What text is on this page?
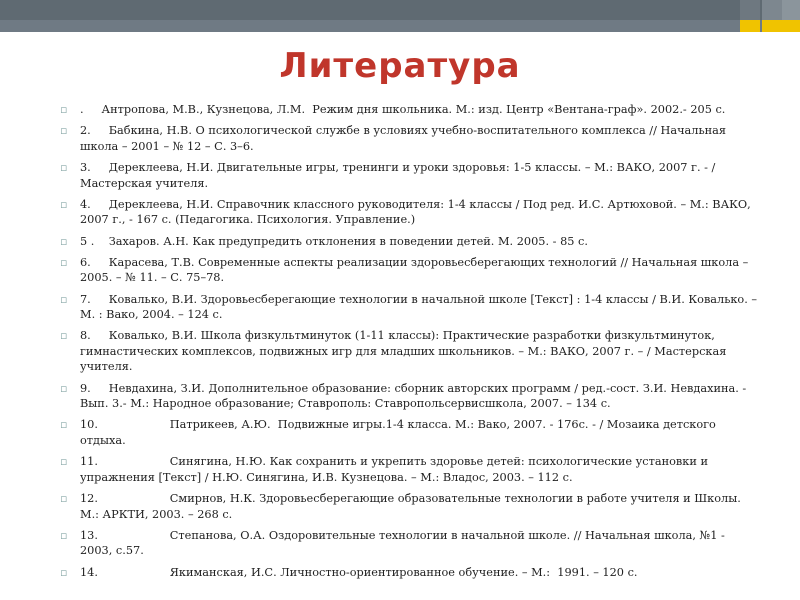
Литература
▫ .     Антропова, М.В., Кузнецова, Л.М.  Режим дня школьника. М.: изд. Центр «Вентана-граф». 2002.- 205 с.
▫ 2.     Бабкина, Н.В. О психологической службе в условиях учебно-воспитательного комплекса // Начальная школа – 2001 – № 12 – С. 3–6.
▫ 3.     Дереклеева, Н.И. Двигательные игры, тренинги и уроки здоровья: 1-5 классы. – М.: ВАКО, 2007 г. - / Мастерская учителя.
▫ 4.     Дереклеева, Н.И. Справочник классного руководителя: 1-4 классы / Под ред. И.С. Артюховой. – М.: ВАКО, 2007 г., - 167 с. (Педагогика. Психология. Управление.)
▫ 5 .    Захаров. А.Н. Как предупредить отклонения в поведении детей. М. 2005. - 85 с.
▫ 6.     Карасева, Т.В. Современные аспекты реализации здоровьесберегающих технологий // Начальная школа – 2005. – № 11. – С. 75–78.
▫ 7.     Ковалько, В.И. Здоровьесберегающие технологии в начальной школе [Текст] : 1-4 классы / В.И. Ковалько. – М. : Вако, 2004. – 124 с.
▫ 8.     Ковалько, В.И. Школа физкультминуток (1-11 классы): Практические разработки физкультминуток, гимнастических комплексов, подвижных игр для младших школьников. – М.: ВАКО, 2007 г. – / Мастерская учителя.
▫ 9.     Невдахина, З.И. Дополнительное образование: сборник авторских программ / ред.-сост. З.И. Невдахина. - Вып. 3.- М.: Народное образование; Ставрополь: Ставропольсервисшкола, 2007. – 134 с.
▫ 10.                    Патрикеев, А.Ю.  Подвижные игры.1-4 класса. М.: Вако, 2007. - 176с. - / Мозаика детского отдыха.
▫ 11.                    Синягина, Н.Ю. Как сохранить и укрепить здоровье детей: психологические установки и упражнения [Текст] / Н.Ю. Синягина, И.В. Кузнецова. – М.: Владос, 2003. – 112 с.
▫ 12.                    Смирнов, Н.К. Здоровьесберегающие образовательные технологии в работе учителя и Школы. М.: АРКТИ, 2003. – 268 с.
▫ 13.                    Степанова, О.А. Оздоровительные технологии в начальной школе. // Начальная школа, №1 - 2003, с.57.
▫ 14.                    Якиманская, И.С. Личностно-ориентированное обучение. – М.:  1991. – 120 с.
